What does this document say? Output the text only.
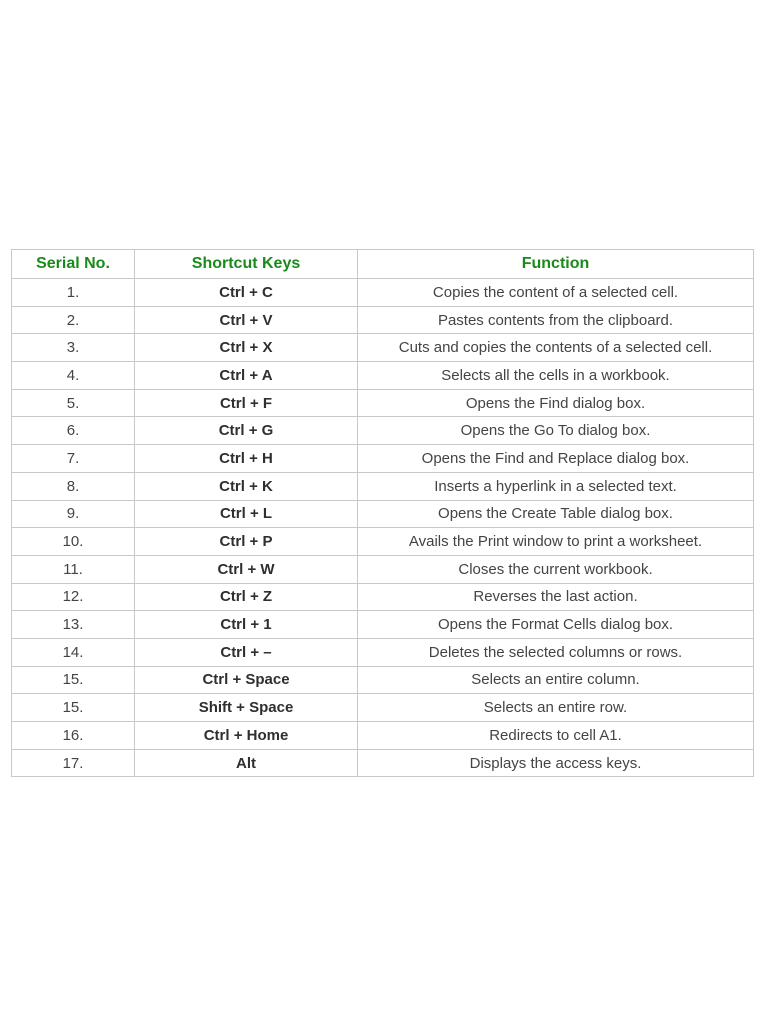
Serial No.	Shortcut Keys	Function
1.	Ctrl + C	Copies the content of a selected cell.
2.	Ctrl + V	Pastes contents from the clipboard.
3.	Ctrl + X	Cuts and copies the contents of a selected cell.
4.	Ctrl + A	Selects all the cells in a workbook.
5.	Ctrl + F	Opens the Find dialog box.
6.	Ctrl + G	Opens the Go To dialog box.
7.	Ctrl + H	Opens the Find and Replace dialog box.
8.	Ctrl + K	Inserts a hyperlink in a selected text.
9.	Ctrl + L	Opens the Create Table dialog box.
10.	Ctrl + P	Avails the Print window to print a worksheet.
11.	Ctrl + W	Closes the current workbook.
12.	Ctrl + Z	Reverses the last action.
13.	Ctrl + 1	Opens the Format Cells dialog box.
14.	Ctrl + –	Deletes the selected columns or rows.
15.	Ctrl + Space	Selects an entire column.
15.	Shift + Space	Selects an entire row.
16.	Ctrl + Home	Redirects to cell A1.
17.	Alt	Displays the access keys.
